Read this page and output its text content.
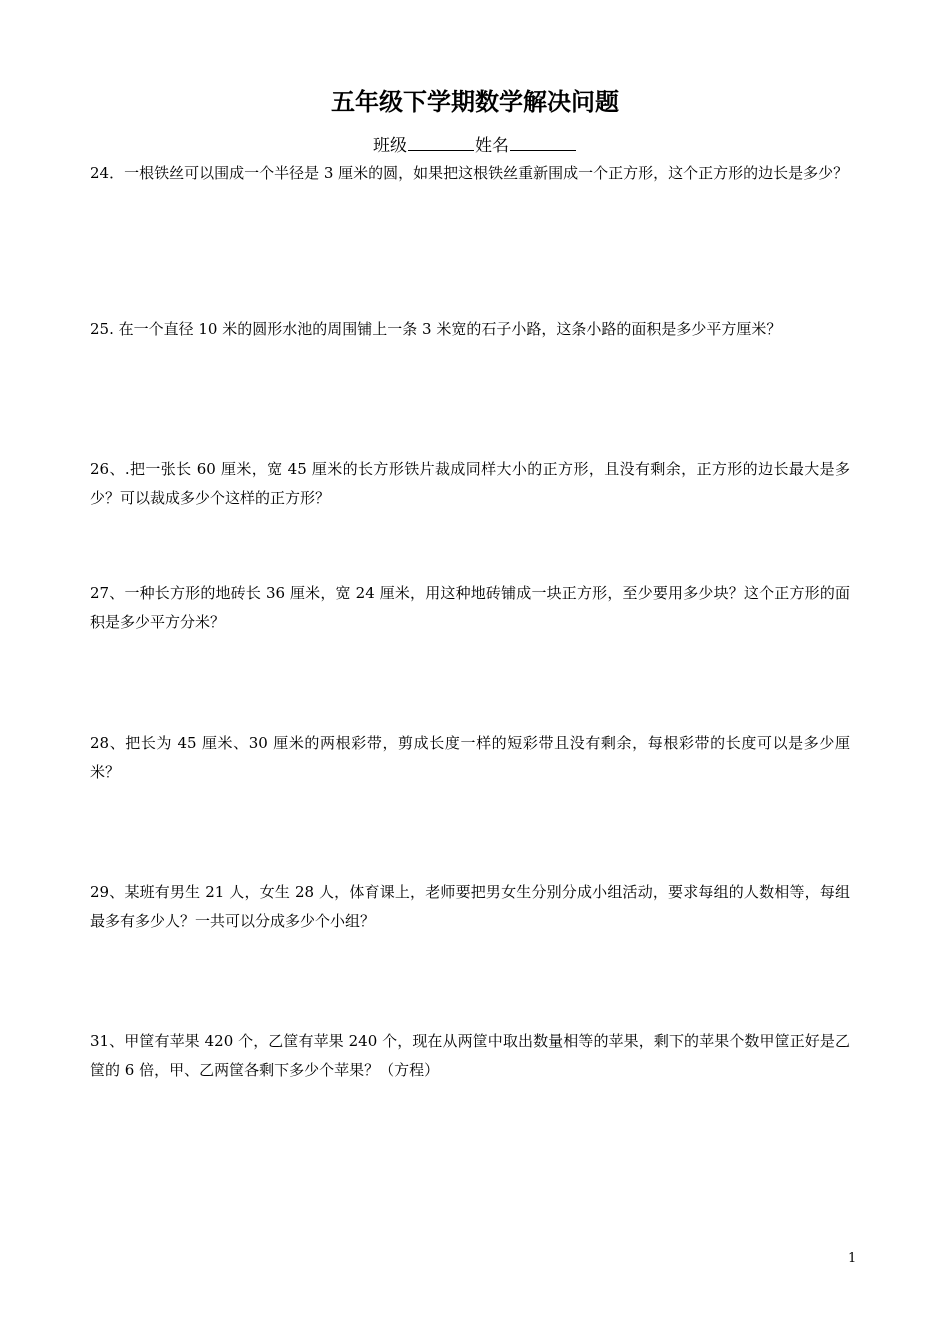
五年级下学期数学解决问题
班级	姓名

24．一根铁丝可以围成一个半径是 3 厘米的圆，如果把这根铁丝重新围成一个正方形，这个正方形的边长是多少？

25. 在一个直径 10 米的圆形水池的周围铺上一条 3 米宽的石子小路，这条小路的面积是多少平方厘米？

26、.把一张长 60 厘米，宽 45 厘米的长方形铁片裁成同样大小的正方形，且没有剩余，正方形的边长最大是多少？可以裁成多少个这样的正方形？

27、一种长方形的地砖长 36 厘米，宽 24 厘米，用这种地砖铺成一块正方形，至少要用多少块？这个正方形的面积是多少平方分米？

28、把长为 45 厘米、30 厘米的两根彩带，剪成长度一样的短彩带且没有剩余，每根彩带的长度可以是多少厘米？

29、某班有男生 21 人，女生 28 人，体育课上，老师要把男女生分别分成小组活动，要求每组的人数相等，每组最多有多少人？一共可以分成多少个小组？

31、甲筐有苹果 420 个，乙筐有苹果 240 个，现在从两筐中取出数量相等的苹果，剩下的苹果个数甲筐正好是乙筐的 6 倍，甲、乙两筐各剩下多少个苹果？（方程）

1
